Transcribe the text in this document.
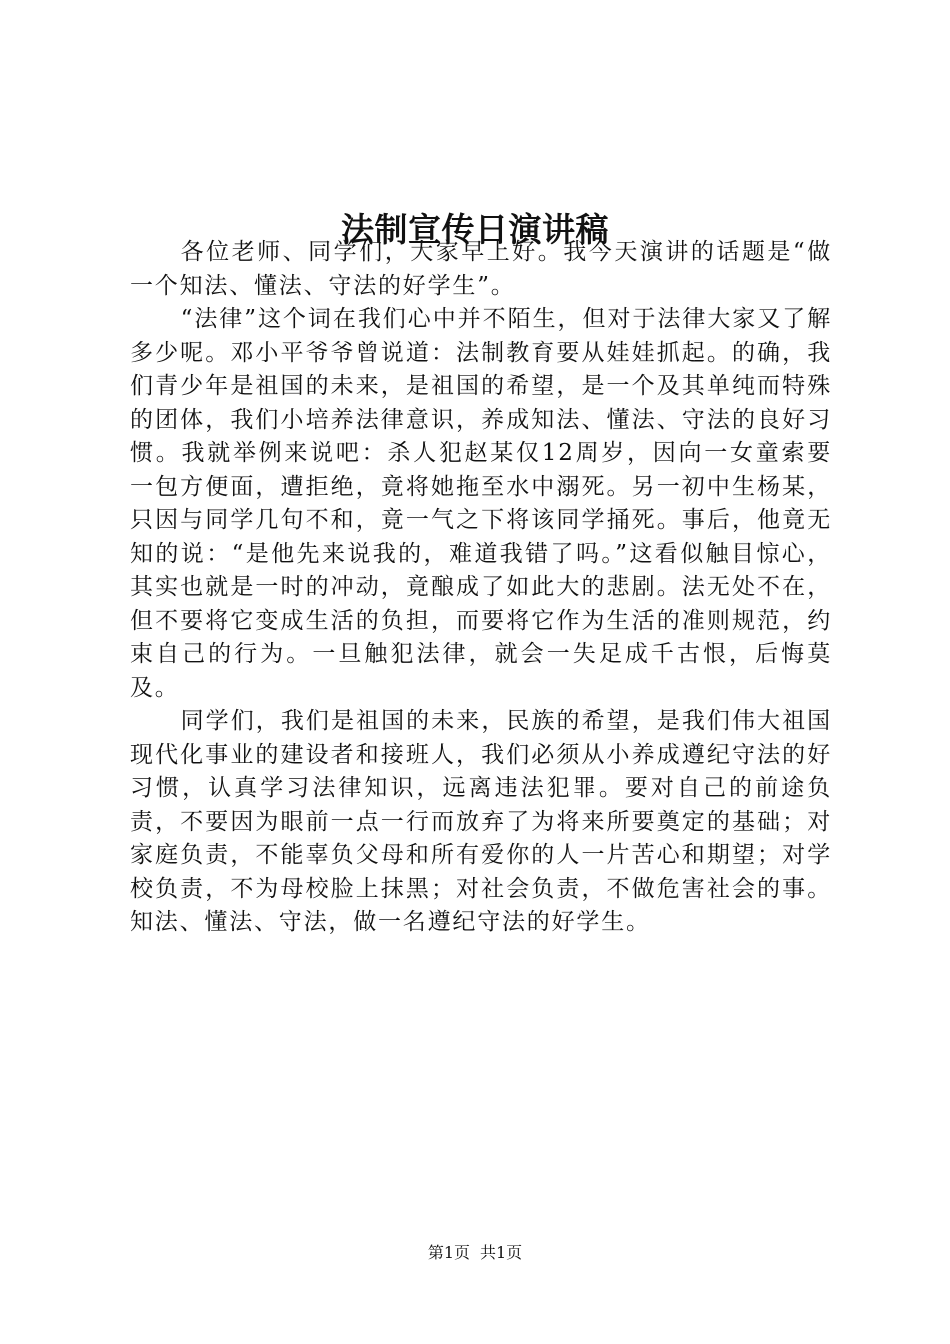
法制宣传日演讲稿

各位老师、同学们，大家早上好。我今天演讲的话题是“做一个知法、懂法、守法的好学生”。

“法律”这个词在我们心中并不陌生，但对于法律大家又了解多少呢。邓小平爷爷曾说道：法制教育要从娃娃抓起。的确，我们青少年是祖国的未来，是祖国的希望，是一个及其单纯而特殊的团体，我们小培养法律意识，养成知法、懂法、守法的良好习惯。我就举例来说吧：杀人犯赵某仅12周岁，因向一女童索要一包方便面，遭拒绝，竟将她拖至水中溺死。另一初中生杨某，只因与同学几句不和，竟一气之下将该同学捅死。事后，他竟无知的说：“是他先来说我的，难道我错了吗。”这看似触目惊心，其实也就是一时的冲动，竟酿成了如此大的悲剧。法无处不在，但不要将它变成生活的负担，而要将它作为生活的准则规范，约束自己的行为。一旦触犯法律，就会一失足成千古恨，后悔莫及。

同学们，我们是祖国的未来，民族的希望，是我们伟大祖国现代化事业的建设者和接班人，我们必须从小养成遵纪守法的好习惯，认真学习法律知识，远离违法犯罪。要对自己的前途负责，不要因为眼前一点一行而放弃了为将来所要奠定的基础；对家庭负责，不能辜负父母和所有爱你的人一片苦心和期望；对学校负责，不为母校脸上抹黑；对社会负责，不做危害社会的事。知法、懂法、守法，做一名遵纪守法的好学生。

第1页 共1页
